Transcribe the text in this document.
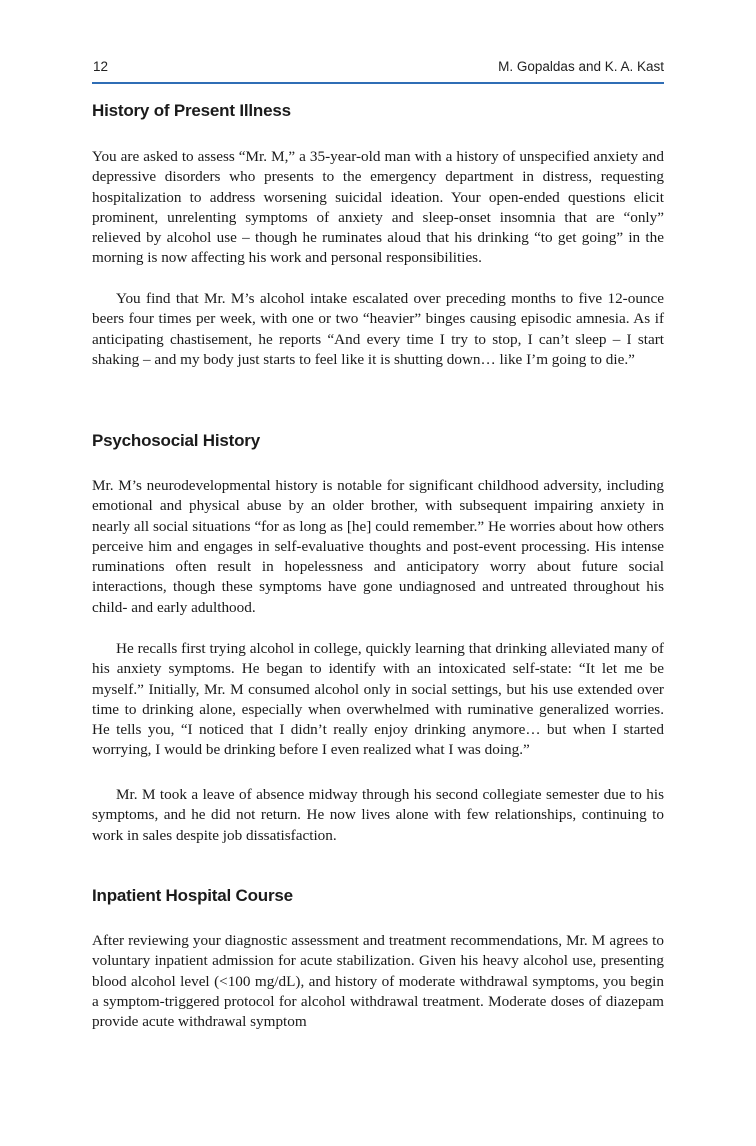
12	M. Gopaldas and K. A. Kast
History of Present Illness

You are asked to assess “Mr. M,” a 35-year-old man with a history of unspecified anxiety and depressive disorders who presents to the emergency department in distress, requesting hospitalization to address worsening suicidal ideation. Your open-ended questions elicit prominent, unrelenting symptoms of anxiety and sleep-onset insomnia that are “only” relieved by alcohol use – though he ruminates aloud that his drinking “to get going” in the morning is now affecting his work and personal responsibilities.

You find that Mr. M’s alcohol intake escalated over preceding months to five 12-ounce beers four times per week, with one or two “heavier” binges causing episodic amnesia. As if anticipating chastisement, he reports “And every time I try to stop, I can’t sleep – I start shaking – and my body just starts to feel like it is shutting down… like I’m going to die.”

Psychosocial History

Mr. M’s neurodevelopmental history is notable for significant childhood adversity, including emotional and physical abuse by an older brother, with subsequent impairing anxiety in nearly all social situations “for as long as [he] could remember.” He worries about how others perceive him and engages in self-evaluative thoughts and post-event processing. His intense ruminations often result in hopelessness and anticipatory worry about future social interactions, though these symptoms have gone undiagnosed and untreated throughout his child- and early adulthood.

He recalls first trying alcohol in college, quickly learning that drinking alleviated many of his anxiety symptoms. He began to identify with an intoxicated self-state: “It let me be myself.” Initially, Mr. M consumed alcohol only in social settings, but his use extended over time to drinking alone, especially when overwhelmed with ruminative generalized worries. He tells you, “I noticed that I didn’t really enjoy drinking anymore… but when I started worrying, I would be drinking before I even realized what I was doing.”

Mr. M took a leave of absence midway through his second collegiate semester due to his symptoms, and he did not return. He now lives alone with few relationships, continuing to work in sales despite job dissatisfaction.

Inpatient Hospital Course

After reviewing your diagnostic assessment and treatment recommendations, Mr. M agrees to voluntary inpatient admission for acute stabilization. Given his heavy alcohol use, presenting blood alcohol level (<100 mg/dL), and history of moderate withdrawal symptoms, you begin a symptom-triggered protocol for alcohol withdrawal treatment. Moderate doses of diazepam provide acute withdrawal symptom
